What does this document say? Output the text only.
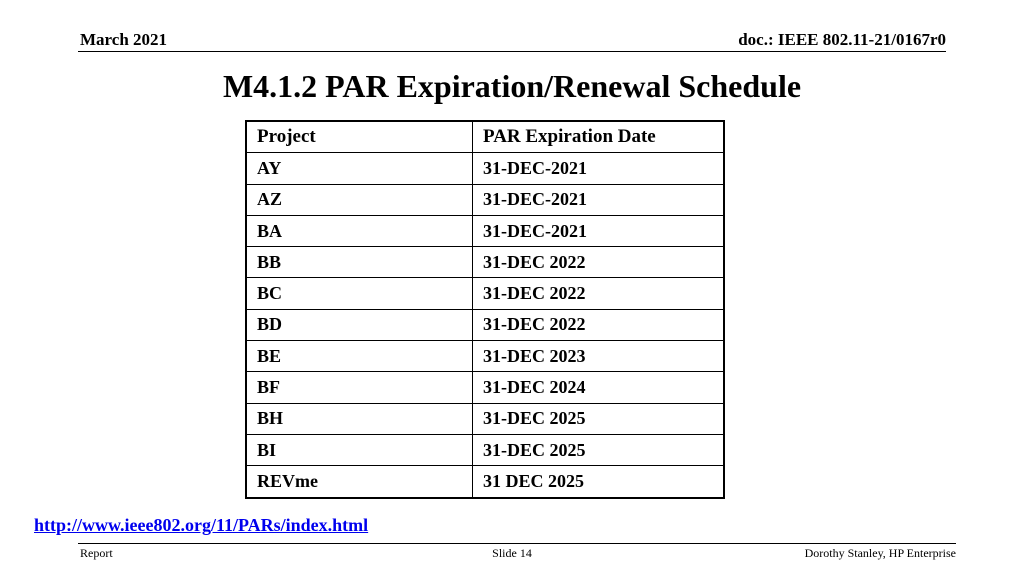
March 2021	doc.: IEEE 802.11-21/0167r0
M4.1.2 PAR Expiration/Renewal Schedule
Project	PAR Expiration Date
AY	31-DEC-2021
AZ	31-DEC-2021
BA	31-DEC-2021
BB	31-DEC 2022
BC	31-DEC 2022
BD	31-DEC 2022
BE	31-DEC 2023
BF	31-DEC 2024
BH	31-DEC 2025
BI	31-DEC 2025
REVme	31 DEC 2025
http://www.ieee802.org/11/PARs/index.html
Report	Slide 14	Dorothy Stanley, HP Enterprise
